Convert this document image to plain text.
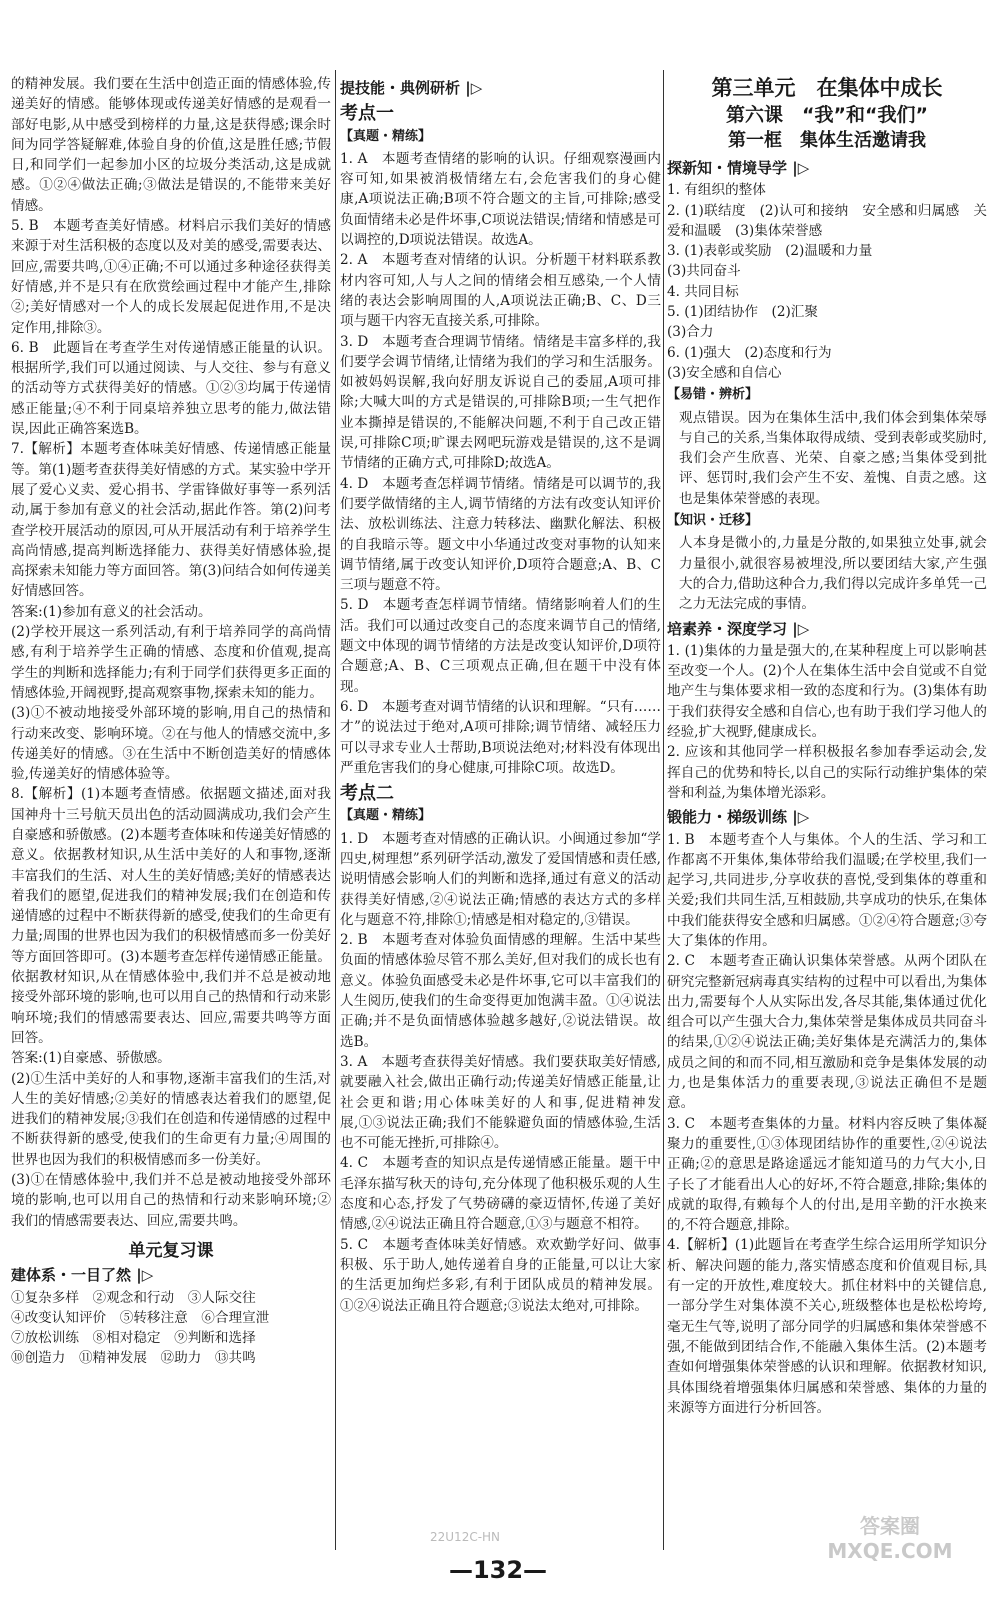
的精神发展。我们要在生活中创造正面的情感体验,传递美好的情感。能够体现或传递美好情感的是观看一部好电影,从中感受到榜样的力量,这是获得感;课余时间为同学答疑解难,体验自身的价值,这是胜任感;节假日,和同学们一起参加小区的垃圾分类活动,这是成就感。①②④做法正确;③做法是错误的,不能带来美好情感。

5. B　本题考查美好情感。材料启示我们美好的情感来源于对生活积极的态度以及对美的感受,需要表达、回应,需要共鸣,①④正确;不可以通过多种途径获得美好情感,并不是只有在欣赏绘画过程中才能产生,排除②;美好情感对一个人的成长发展起促进作用,不是决定作用,排除③。

6. B　此题旨在考查学生对传递情感正能量的认识。根据所学,我们可以通过阅读、与人交往、参与有意义的活动等方式获得美好的情感。①②③均属于传递情感正能量;④不利于同桌培养独立思考的能力,做法错误,因此正确答案选B。

7.【解析】本题考查体味美好情感、传递情感正能量等。第(1)题考查获得美好情感的方式。某实验中学开展了爱心义卖、爱心捐书、学雷锋做好事等一系列活动,属于参加有意义的社会活动,据此作答。第(2)问考查学校开展活动的原因,可从开展活动有利于培养学生高尚情感,提高判断选择能力、获得美好情感体验,提高探索未知能力等方面回答。第(3)问结合如何传递美好情感回答。

答案:(1)参加有意义的社会活动。

(2)学校开展这一系列活动,有利于培养同学的高尚情感,有利于培养学生正确的情感、态度和价值观,提高学生的判断和选择能力;有利于同学们获得更多正面的情感体验,开阔视野,提高观察事物,探索未知的能力。

(3)①不被动地接受外部环境的影响,用自己的热情和行动来改变、影响环境。②在与他人的情感交流中,多传递美好的情感。③在生活中不断创造美好的情感体验,传递美好的情感体验等。

8.【解析】(1)本题考查情感。依据题文描述,面对我国神舟十三号航天员出色的活动圆满成功,我们会产生自豪感和骄傲感。(2)本题考查体味和传递美好情感的意义。依据教材知识,从生活中美好的人和事物,逐渐丰富我们的生活、对人生的美好情感;美好的情感表达着我们的愿望,促进我们的精神发展;我们在创造和传递情感的过程中不断获得新的感受,使我们的生命更有力量;周围的世界也因为我们的积极情感而多一份美好等方面回答即可。(3)本题考查怎样传递情感正能量。依据教材知识,从在情感体验中,我们并不总是被动地接受外部环境的影响,也可以用自己的热情和行动来影响环境;我们的情感需要表达、回应,需要共鸣等方面回答。

答案:(1)自豪感、骄傲感。

(2)①生活中美好的人和事物,逐渐丰富我们的生活,对人生的美好情感;②美好的情感表达着我们的愿望,促进我们的精神发展;③我们在创造和传递情感的过程中不断获得新的感受,使我们的生命更有力量;④周围的世界也因为我们的积极情感而多一份美好。

(3)①在情感体验中,我们并不总是被动地接受外部环境的影响,也可以用自己的热情和行动来影响环境;②我们的情感需要表达、回应,需要共鸣。

单元复习课
建体系・一目了然 |▷

①复杂多样　②观念和行动　③人际交往

④改变认知评价　⑤转移注意　⑥合理宣泄

⑦放松训练　⑧相对稳定　⑨判断和选择

⑩创造力　⑪精神发展　⑫助力　⑬共鸣

提技能・典例研析 |▷
考点一
【真题・精练】

1. A　本题考查情绪的影响的认识。仔细观察漫画内容可知,如果被消极情绪左右,会危害我们的身心健康,A项说法正确;B项不符合题文的主旨,可排除;感受负面情绪未必是件坏事,C项说法错误;情绪和情感是可以调控的,D项说法错误。故选A。

2. A　本题考查对情绪的认识。分析题干材料联系教材内容可知,人与人之间的情绪会相互感染,一个人情绪的表达会影响周围的人,A项说法正确;B、C、D三项与题干内容无直接关系,可排除。

3. D　本题考查合理调节情绪。情绪是丰富多样的,我们要学会调节情绪,让情绪为我们的学习和生活服务。如被妈妈误解,我向好朋友诉说自己的委屈,A项可排除;大喊大叫的方式是错误的,可排除B项;一生气把作业本撕掉是错误的,不能解决问题,不利于自己改正错误,可排除C项;旷课去网吧玩游戏是错误的,这不是调节情绪的正确方式,可排除D;故选A。

4. D　本题考查怎样调节情绪。情绪是可以调节的,我们要学做情绪的主人,调节情绪的方法有改变认知评价法、放松训练法、注意力转移法、幽默化解法、积极的自我暗示等。题文中小华通过改变对事物的认知来调节情绪,属于改变认知评价,D项符合题意;A、B、C三项与题意不符。

5. D　本题考查怎样调节情绪。情绪影响着人们的生活。我们可以通过改变自己的态度来调节自己的情绪,题文中体现的调节情绪的方法是改变认知评价,D项符合题意;A、B、C三项观点正确,但在题干中没有体现。

6. D　本题考查对调节情绪的认识和理解。“只有……才”的说法过于绝对,A项可排除;调节情绪、减轻压力可以寻求专业人士帮助,B项说法绝对;材料没有体现出严重危害我们的身心健康,可排除C项。故选D。

考点二
【真题・精练】

1. D　本题考查对情感的正确认识。小闽通过参加“学四史,树理想”系列研学活动,激发了爱国情感和责任感,说明情感会影响人们的判断和选择,通过有意义的活动获得美好情感,②④说法正确;情感的表达方式的多样化与题意不符,排除①;情感是相对稳定的,③错误。

2. B　本题考查对体验负面情感的理解。生活中某些负面的情感体验尽管不那么美好,但对我们的成长也有意义。体验负面感受未必是件坏事,它可以丰富我们的人生阅历,使我们的生命变得更加饱满丰盈。①④说法正确;并不是负面情感体验越多越好,②说法错误。故选B。

3. A　本题考查获得美好情感。我们要获取美好情感,就要融入社会,做出正确行动;传递美好情感正能量,让社会更和谐;用心体味美好的人和事,促进精神发展,①③说法正确;我们不能躲避负面的情感体验,生活也不可能无挫折,可排除④。

4. C　本题考查的知识点是传递情感正能量。题干中毛泽东描写秋天的诗句,充分体现了他积极乐观的人生态度和心态,抒发了气势磅礴的豪迈情怀,传递了美好情感,②④说法正确且符合题意,①③与题意不相符。

5. C　本题考查体味美好情感。欢欢勤学好问、做事积极、乐于助人,她传递着自身的正能量,可以让大家的生活更加绚烂多彩,有利于团队成员的精神发展。①②④说法正确且符合题意;③说法太绝对,可排除。

第三单元　在集体中成长
第六课　“我”和“我们”
第一框　集体生活邀请我
探新知・情境导学 |▷

1. 有组织的整体

2. (1)联结度　(2)认可和接纳　安全感和归属感　关爱和温暖　(3)集体荣誉感

3. (1)表彰或奖励　(2)温暖和力量

(3)共同奋斗

4. 共同目标

5. (1)团结协作　(2)汇聚

(3)合力

6. (1)强大　(2)态度和行为

(3)安全感和自信心

【易错・辨析】

观点错误。因为在集体生活中,我们体会到集体荣辱与自己的关系,当集体取得成绩、受到表彰或奖励时,我们会产生欣喜、光荣、自豪之感;当集体受到批评、惩罚时,我们会产生不安、羞愧、自责之感。这也是集体荣誉感的表现。

【知识・迁移】

人本身是微小的,力量是分散的,如果独立处事,就会力量很小,就很容易被埋没,所以要团结大家,产生强大的合力,借助这种合力,我们得以完成许多单凭一己之力无法完成的事情。

培素养・深度学习 |▷

1. (1)集体的力量是强大的,在某种程度上可以影响甚至改变一个人。(2)个人在集体生活中会自觉或不自觉地产生与集体要求相一致的态度和行为。(3)集体有助于我们获得安全感和自信心,也有助于我们学习他人的经验,扩大视野,健康成长。

2. 应该和其他同学一样积极报名参加春季运动会,发挥自己的优势和特长,以自己的实际行动维护集体的荣誉和利益,为集体增光添彩。

锻能力・梯级训练 |▷

1. B　本题考查个人与集体。个人的生活、学习和工作都离不开集体,集体带给我们温暖;在学校里,我们一起学习,共同进步,分享收获的喜悦,受到集体的尊重和关爱;我们共同生活,互相鼓励,共享成功的快乐,在集体中我们能获得安全感和归属感。①②④符合题意;③夸大了集体的作用。

2. C　本题考查正确认识集体荣誉感。从两个团队在研究完整新冠病毒真实结构的过程中可以看出,为集体出力,需要每个人从实际出发,各尽其能,集体通过优化组合可以产生强大合力,集体荣誉是集体成员共同奋斗的结果,①②④说法正确;美好集体是充满活力的,集体成员之间的和而不同,相互激励和竞争是集体发展的动力,也是集体活力的重要表现,③说法正确但不是题意。

3. C　本题考查集体的力量。材料内容反映了集体凝聚力的重要性,①③体现团结协作的重要性,②④说法正确;②的意思是路途遥远才能知道马的力气大小,日子长了才能看出人心的好坏,不符合题意,排除;集体的成就的取得,有赖每个人的付出,是用辛勤的汗水换来的,不符合题意,排除。

4.【解析】(1)此题旨在考查学生综合运用所学知识分析、解决问题的能力,落实情感态度和价值观目标,具有一定的开放性,难度较大。抓住材料中的关键信息,一部分学生对集体漠不关心,班级整体也是松松垮垮,毫无生气等,说明了部分同学的归属感和集体荣誉感不强,不能做到团结合作,不能融入集体生活。(2)本题考查如何增强集体荣誉感的认识和理解。依据教材知识,具体围绕着增强集体归属感和荣誉感、集体的力量的来源等方面进行分析回答。

22U12C-HN
—132—
答案圈
MXQE.COM
